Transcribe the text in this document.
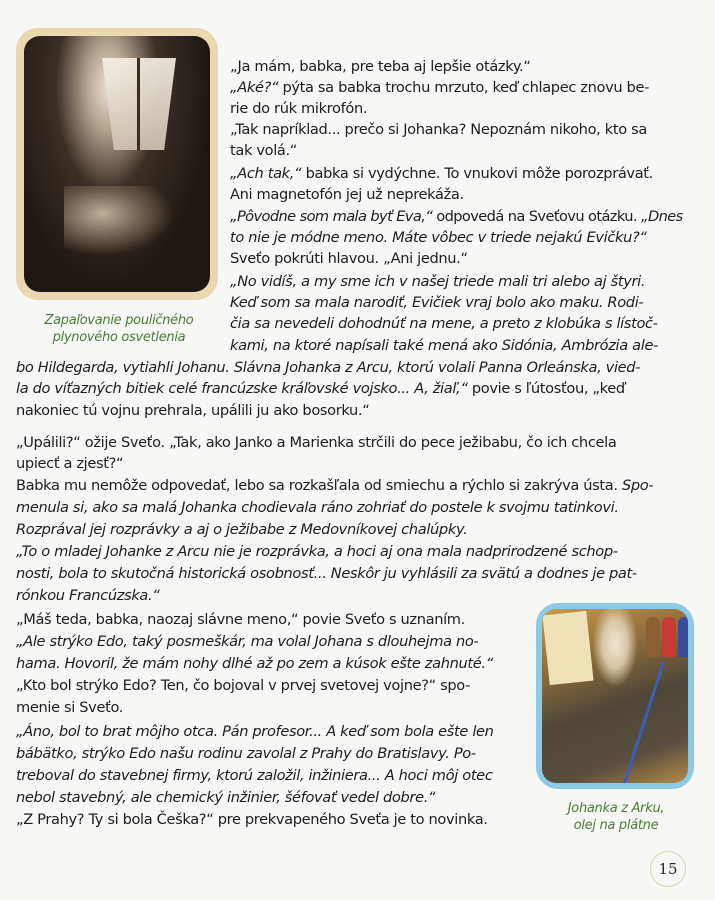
Zapaľovanie pouličného
plynového osvetlenia
Johanka z Arku,
olej na plátne
„Ja mám, babka, pre teba aj lepšie otázky.“
„Aké?“ pýta sa babka trochu mrzuto, keď chlapec znovu be-
rie do rúk mikrofón.
„Tak napríklad... prečo si Johanka? Nepoznám nikoho, kto sa
tak volá.“
„Ach tak,“ babka si vydýchne. To vnukovi môže porozprávať.
Ani magnetofón jej už neprekáža.
„Pôvodne som mala byť Eva,“ odpovedá na Sveťovu otázku. „Dnes
to nie je módne meno. Máte vôbec v triede nejakú Evičku?“
Sveťo pokrúti hlavou. „Ani jednu.“
„No vidíš, a my sme ich v našej triede mali tri alebo aj štyri.
Keď som sa mala narodiť, Evičiek vraj bolo ako maku. Rodi-
čia sa nevedeli dohodnúť na mene, a preto z klobúka s lístoč-
kami, na ktoré napísali také mená ako Sidónia, Ambrózia ale-
bo Hildegarda, vytiahli Johanu. Slávna Johanka z Arcu, ktorú volali Panna Orleánska, vied-
la do víťazných bitiek celé francúzske kráľovské vojsko... A, žiaľ,“ povie s ľútosťou, „keď
nakoniec tú vojnu prehrala, upálili ju ako bosorku.“
„Upálili?“ ožije Sveťo. „Tak, ako Janko a Marienka strčili do pece ježibabu, čo ich chcela
upiecť a zjesť?“
Babka mu nemôže odpovedať, lebo sa rozkašľala od smiechu a rýchlo si zakrýva ústa. Spo-
menula si, ako sa malá Johanka chodievala ráno zohriať do postele k svojmu tatinkovi.
Rozprával jej rozprávky a aj o ježibabe z Medovníkovej chalúpky.
„To o mladej Johanke z Arcu nie je rozprávka, a hoci aj ona mala nadprirodzené schop-
nosti, bola to skutočná historická osobnosť... Neskôr ju vyhlásili za svätú a dodnes je pat-
rónkou Francúzska.“
„Máš teda, babka, naozaj slávne meno,“ povie Sveťo s uznaním.
„Ale strýko Edo, taký posmeškár, ma volal Johana s dlouhejma no-
hama. Hovoril, že mám nohy dlhé až po zem a kúsok ešte zahnuté.“
„Kto bol strýko Edo? Ten, čo bojoval v prvej svetovej vojne?“ spo-
menie si Sveťo.
„Áno, bol to brat môjho otca. Pán profesor... A keď som bola ešte len
bábätko, strýko Edo našu rodinu zavolal z Prahy do Bratislavy. Po-
treboval do stavebnej firmy, ktorú založil, inžiniera... A hoci môj otec
nebol stavebný, ale chemický inžinier, šéfovať vedel dobre.“
„Z Prahy? Ty si bola Češka?“ pre prekvapeného Sveťa je to novinka.
15
